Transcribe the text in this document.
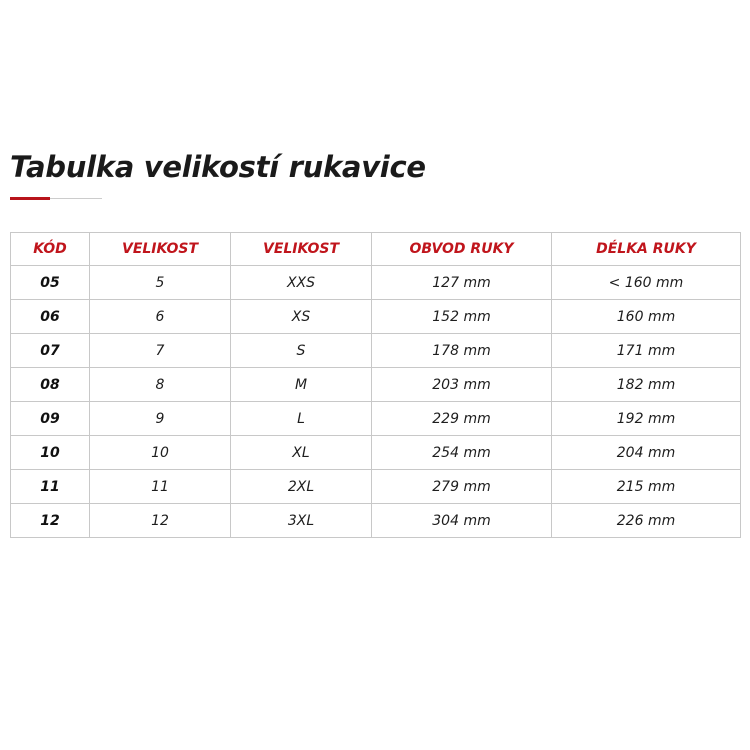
Tabulka velikostí rukavice
KÓD	VELIKOST	VELIKOST	OBVOD RUKY	DÉLKA RUKY
05	5	XXS	127 mm	< 160 mm
06	6	XS	152 mm	160 mm
07	7	S	178 mm	171 mm
08	8	M	203 mm	182 mm
09	9	L	229 mm	192 mm
10	10	XL	254 mm	204 mm
11	11	2XL	279 mm	215 mm
12	12	3XL	304 mm	226 mm
